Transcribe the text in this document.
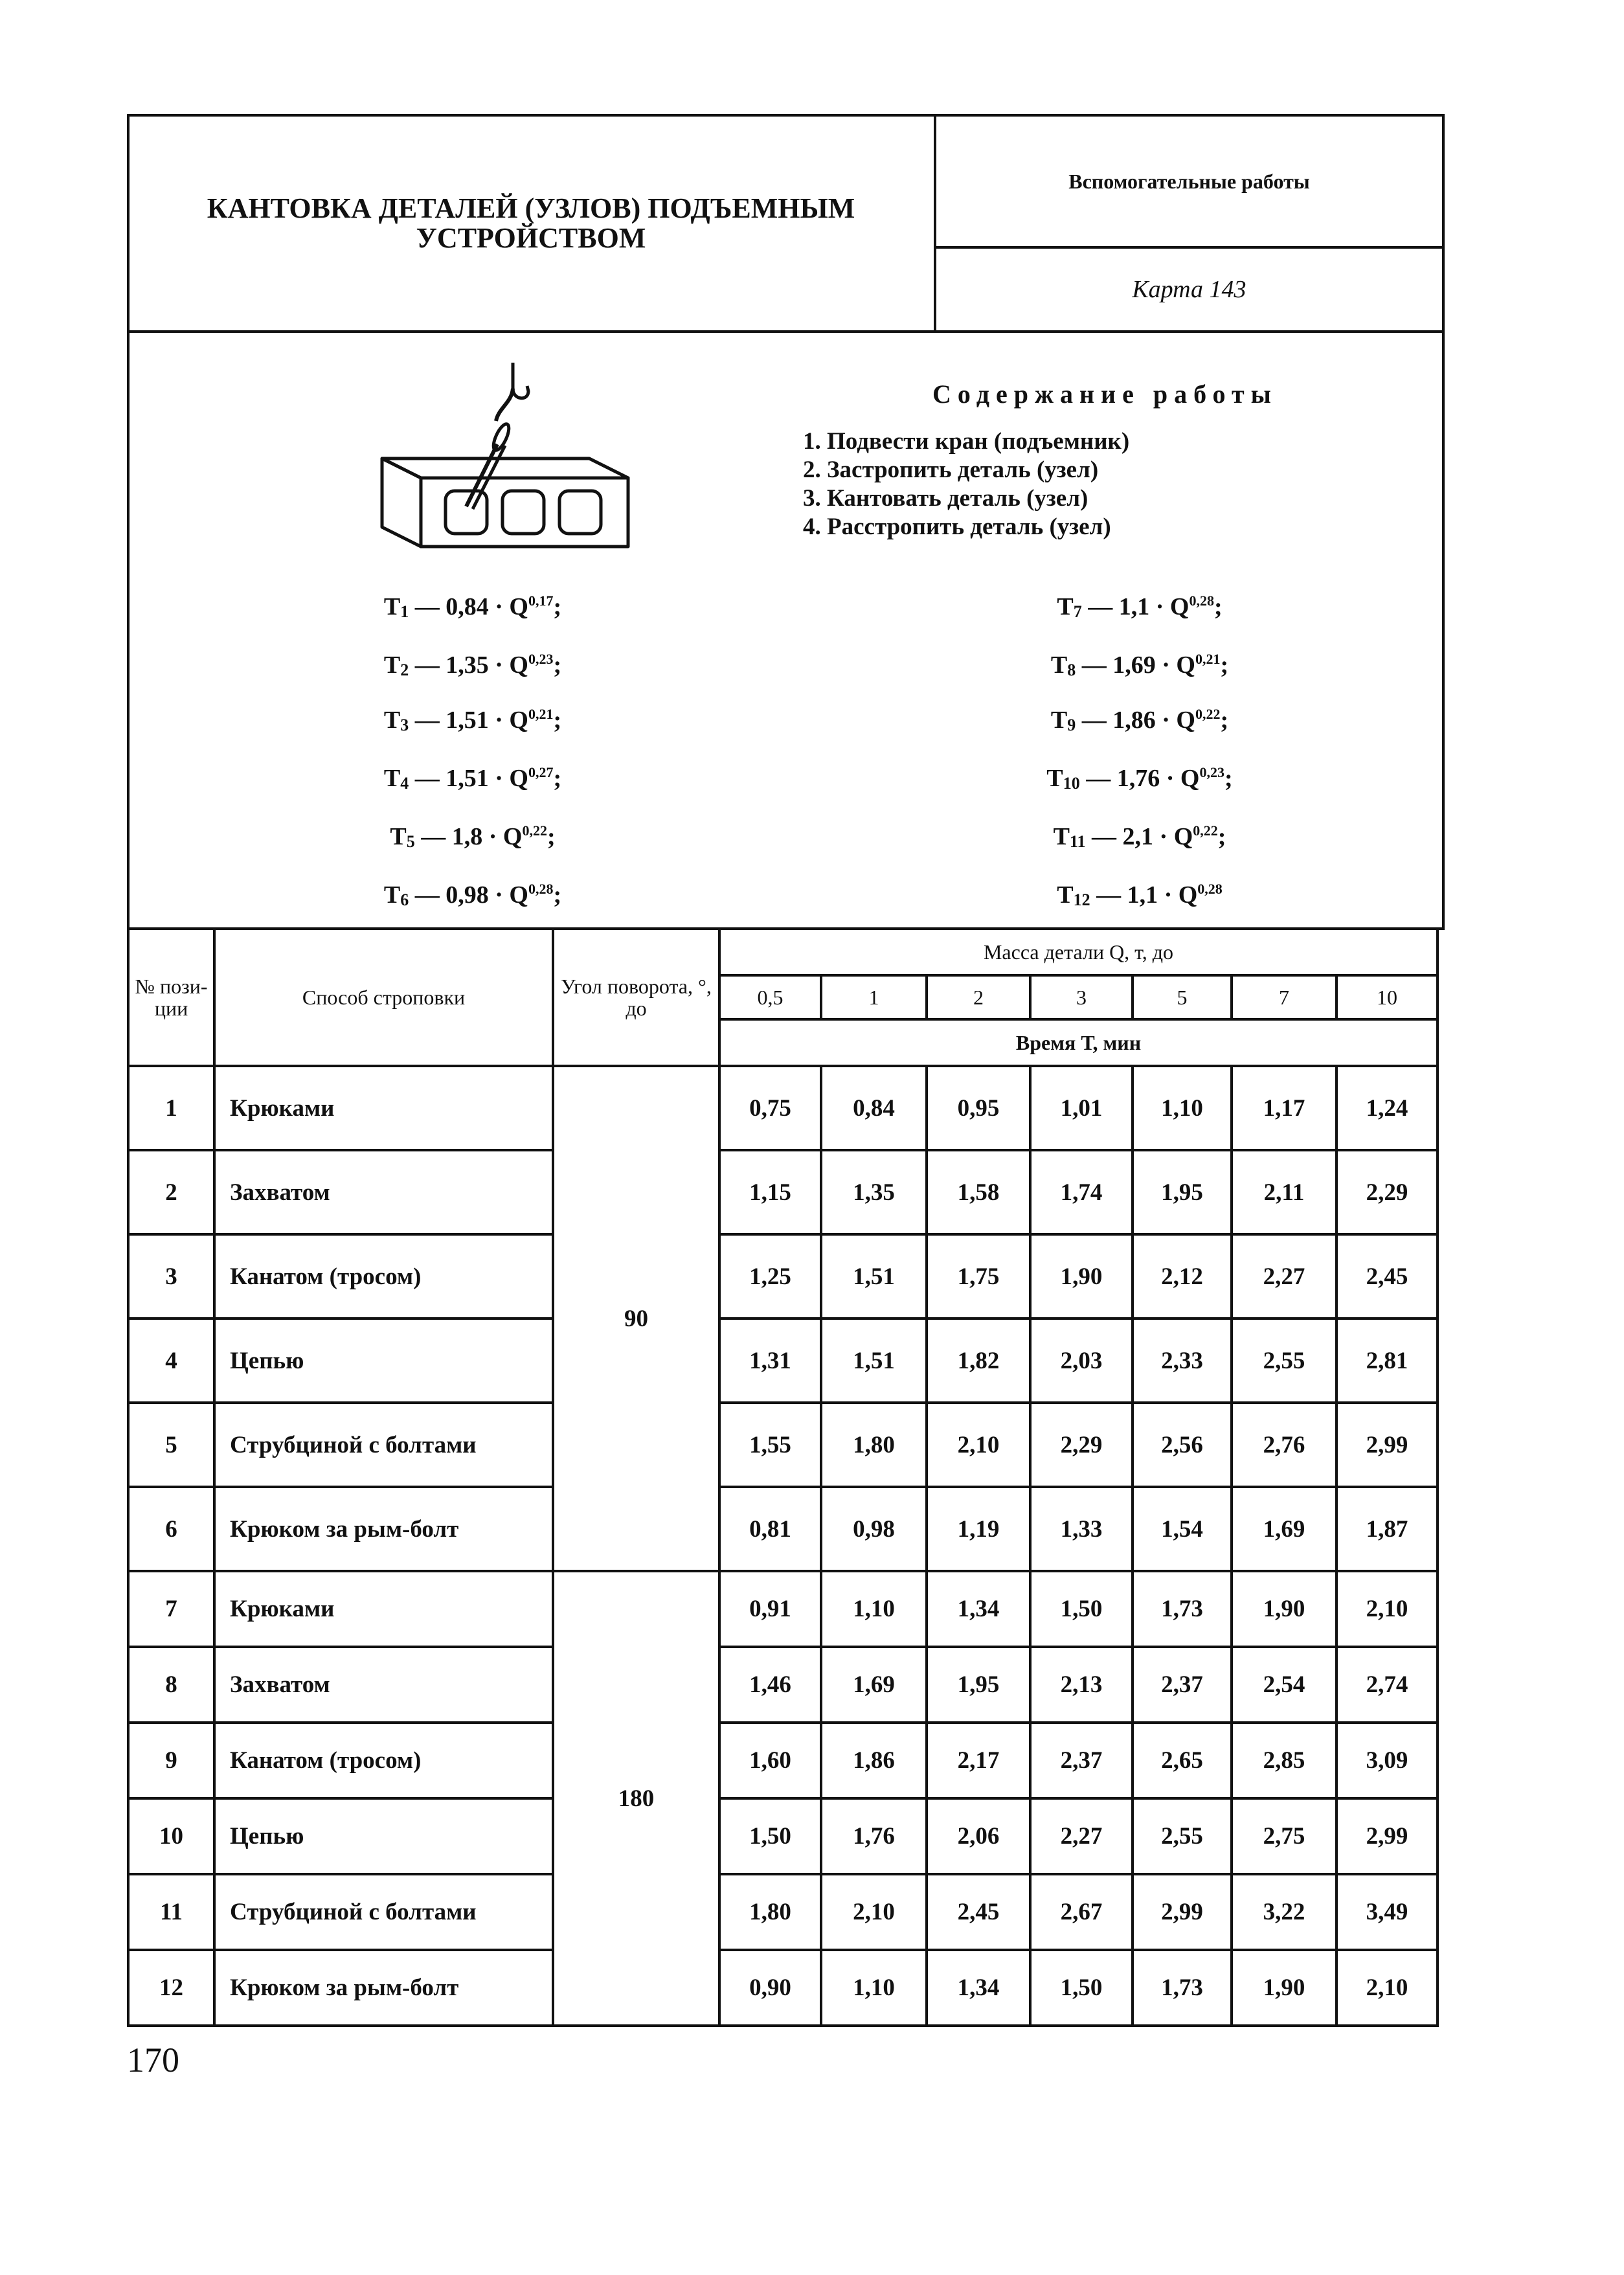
КАНТОВКА ДЕТАЛЕЙ (УЗЛОВ) ПОДЪЕМНЫМ УСТРОЙСТВОМ
Вспомогательные работы
Карта 143
Содержание работы
1. Подвести кран (подъемник)
2. Застропить деталь (узел)
3. Кантовать деталь (узел)
4. Расстропить деталь (узел)
$T_1$ — 0,84 · Q$^{0,17}$;
$T_2$ — 1,35 · Q$^{0,23}$;
$T_3$ — 1,51 · Q$^{0,21}$;
$T_4$ — 1,51 · Q$^{0,27}$;
$T_5$ — 1,8 · Q$^{0,22}$;
$T_6$ — 0,98 · Q$^{0,28}$;
$T_7$ — 1,1 · Q$^{0,28}$;
$T_8$ — 1,69 · Q$^{0,21}$;
$T_9$ — 1,86 · Q$^{0,22}$;
$T_{10}$ — 1,76 · Q$^{0,23}$;
$T_{11}$ — 2,1 · Q$^{0,22}$;
$T_{12}$ — 1,1 · Q$^{0,28}$
№ пози-ции	Способ строповки	Угол поворота, °, до	Масса детали Q, т, до						
			0,5	1	2	3	5	7	10
			Время Т, мин						
1	Крюками	90	0,75	0,84	0,95	1,01	1,10	1,17	1,24
2	Захватом		1,15	1,35	1,58	1,74	1,95	2,11	2,29
3	Канатом (тросом)		1,25	1,51	1,75	1,90	2,12	2,27	2,45
4	Цепью		1,31	1,51	1,82	2,03	2,33	2,55	2,81
5	Струбциной с болтами		1,55	1,80	2,10	2,29	2,56	2,76	2,99
6	Крюком за рым-болт		0,81	0,98	1,19	1,33	1,54	1,69	1,87
7	Крюками	180	0,91	1,10	1,34	1,50	1,73	1,90	2,10
8	Захватом		1,46	1,69	1,95	2,13	2,37	2,54	2,74
9	Канатом (тросом)		1,60	1,86	2,17	2,37	2,65	2,85	3,09
10	Цепью		1,50	1,76	2,06	2,27	2,55	2,75	2,99
11	Струбциной с болтами		1,80	2,10	2,45	2,67	2,99	3,22	3,49
12	Крюком за рым-болт		0,90	1,10	1,34	1,50	1,73	1,90	2,10
170
